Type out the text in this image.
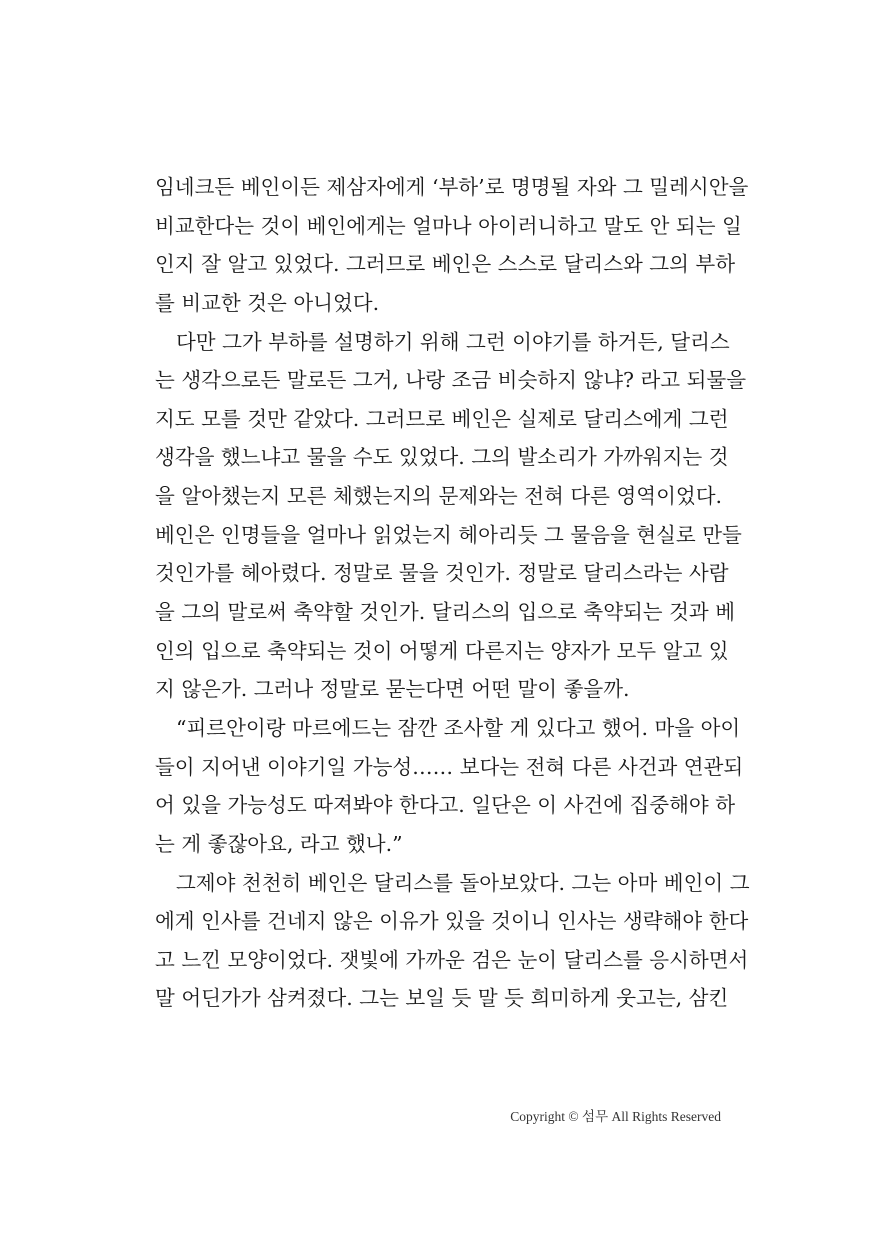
임네크든 베인이든 제삼자에게 ‘부하’로 명명될 자와 그 밀레시안을
비교한다는 것이 베인에게는 얼마나 아이러니하고 말도 안 되는 일
인지 잘 알고 있었다. 그러므로 베인은 스스로 달리스와 그의 부하
를 비교한 것은 아니었다.
다만 그가 부하를 설명하기 위해 그런 이야기를 하거든, 달리스
는 생각으로든 말로든 그거, 나랑 조금 비슷하지 않냐? 라고 되물을
지도 모를 것만 같았다. 그러므로 베인은 실제로 달리스에게 그런
생각을 했느냐고 물을 수도 있었다. 그의 발소리가 가까워지는 것
을 알아챘는지 모른 체했는지의 문제와는 전혀 다른 영역이었다.
베인은 인명들을 얼마나 읽었는지 헤아리듯 그 물음을 현실로 만들
것인가를 헤아렸다. 정말로 물을 것인가. 정말로 달리스라는 사람
을 그의 말로써 축약할 것인가. 달리스의 입으로 축약되는 것과 베
인의 입으로 축약되는 것이 어떻게 다른지는 양자가 모두 알고 있
지 않은가. 그러나 정말로 묻는다면 어떤 말이 좋을까.
“피르안이랑 마르에드는 잠깐 조사할 게 있다고 했어. 마을 아이
들이 지어낸 이야기일 가능성…… 보다는 전혀 다른 사건과 연관되
어 있을 가능성도 따져봐야 한다고. 일단은 이 사건에 집중해야 하
는 게 좋잖아요, 라고 했나.”
그제야 천천히 베인은 달리스를 돌아보았다. 그는 아마 베인이 그
에게 인사를 건네지 않은 이유가 있을 것이니 인사는 생략해야 한다
고 느낀 모양이었다. 잿빛에 가까운 검은 눈이 달리스를 응시하면서
말 어딘가가 삼켜졌다. 그는 보일 듯 말 듯 희미하게 웃고는, 삼킨
Copyright © 섬무 All Rights Reserved
